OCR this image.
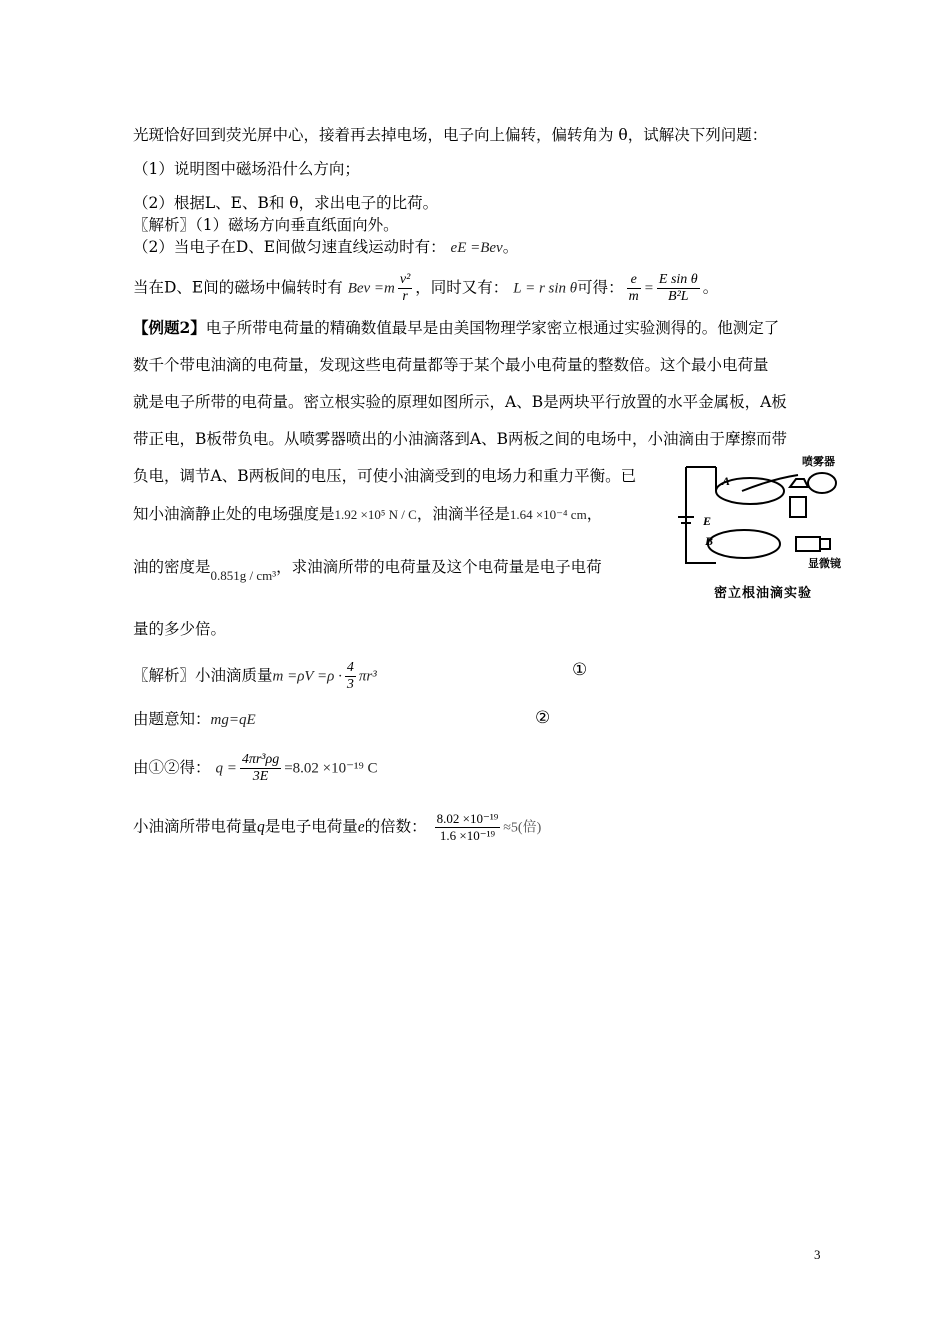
光斑恰好回到荧光屏中心，接着再去掉电场，电子向上偏转，偏转角为 θ，试解决下列问题：
（1）说明图中磁场沿什么方向；
（2）根据L、E、B和 θ，求出电子的比荷。
〖解析〗（1）磁场方向垂直纸面向外。
（2）当电子在D、E间做匀速直线运动时有： eE =Bev。
当在D、E间的磁场中偏转时有 Bev $=m \frac{\text{v²}}{r}$ ，同时又有： L = r sin θ可得： $\frac{e}{m} = \frac{\text{E sin θ}}{\text{B²L}}$ 。
【例题2】电子所带电荷量的精确数值最早是由美国物理学家密立根通过实验测得的。他测定了
数千个带电油滴的电荷量，发现这些电荷量都等于某个最小电荷量的整数倍。这个最小电荷量
就是电子所带的电荷量。密立根实验的原理如图所示，A、B是两块平行放置的水平金属板，A板
带正电，B板带负电。从喷雾器喷出的小油滴落到A、B两板之间的电场中，小油滴由于摩擦而带
负电，调节A、B两板间的电压，可使小油滴受到的电场力和重力平衡。已
知小油滴静止处的电场强度是1.92 ×10⁵ N / C，油滴半径是1.64 ×10⁻⁴ cm，
油的密度是$_{0.851g / cm^3}$，求油滴所带的电荷量及这个电荷量是电子电荷
量的多少倍。
A
E
B
喷雾器
显微镜
密立根油滴实验
〖解析〗小油滴质量$m =\rho V =\rho \cdot \frac{4}{3} \pi r^3$	①
由题意知：mg=qE	②
由①②得： $q = \frac{\text{4πr³ρg}}{3E} =8.02 \times 10^{-19}$ C
小油滴所带电荷量q是电子电荷量e的倍数： $\frac{\text{8.02 ×10⁻¹⁹}}{\text{1.6 ×10⁻¹⁹}} \approx 5$(倍)
3
